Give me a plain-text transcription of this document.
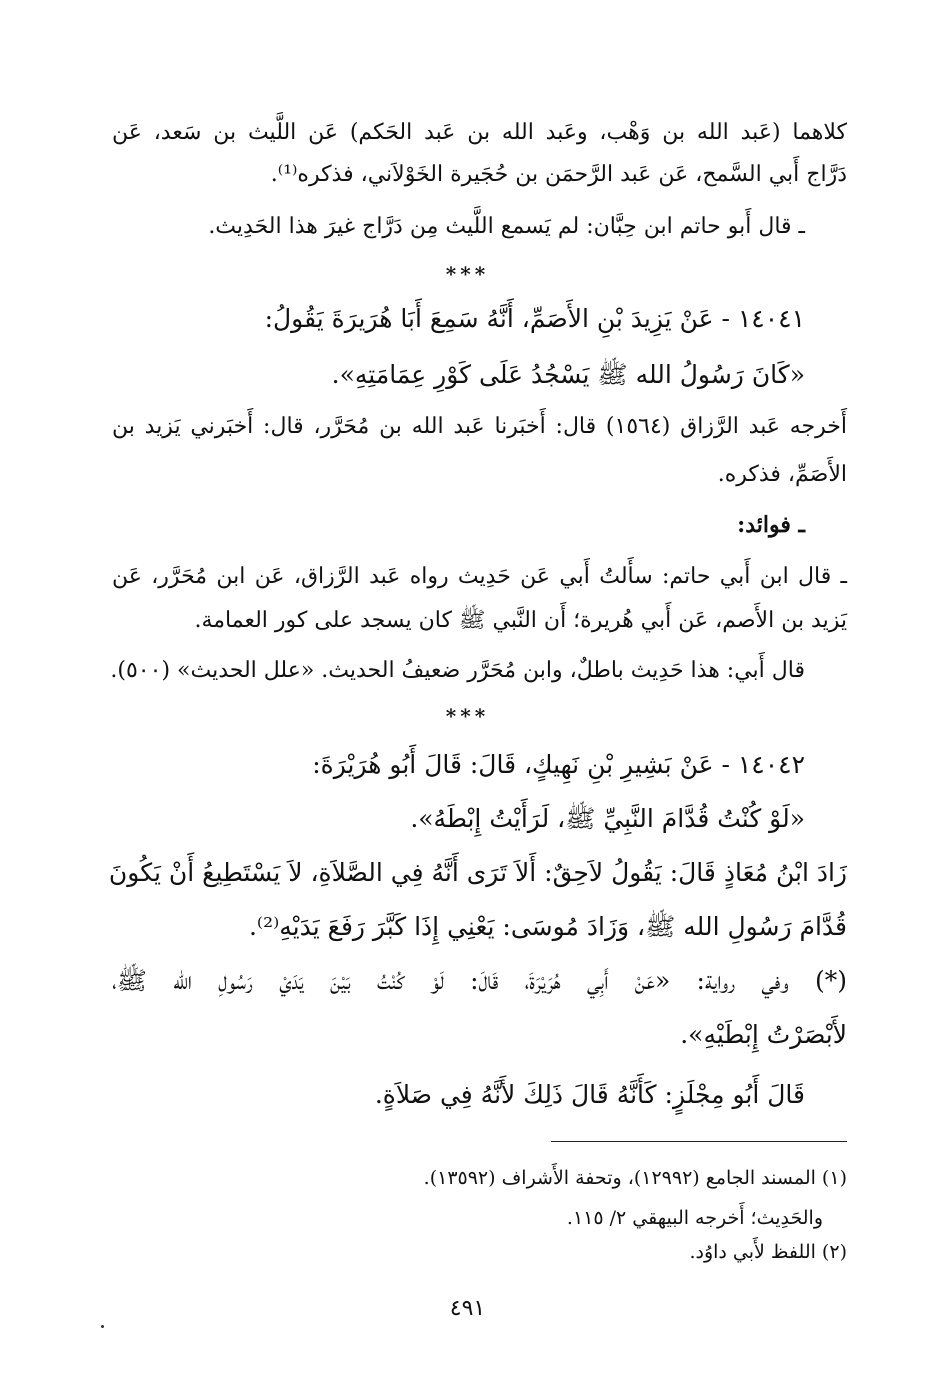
كلاهما (عَبد الله بن وَهْب، وعَبد الله بن عَبد الحَكم) عَن اللَّيث بن سَعد، عَن
دَرَّاج أَبي السَّمح، عَن عَبد الرَّحمَن بن حُجَيرة الخَوْلاَني، فذكره⁽¹⁾.
ـ قال أَبو حاتم ابن حِبَّان: لم يَسمع اللَّيث مِن دَرَّاج غيرَ هذا الحَدِيث.
***
١٤٠٤١ - عَنْ يَزِيدَ بْنِ الأَصَمِّ، أَنَّهُ سَمِعَ أَبَا هُرَيرَةَ يَقُولُ:
«كَانَ رَسُولُ الله ﷺ يَسْجُدُ عَلَى كَوْرِ عِمَامَتِهِ».
أَخرجه عَبد الرَّزاق (١٥٦٤) قال: أَخبَرنا عَبد الله بن مُحَرَّر، قال: أَخبَرني يَزيد بن
الأَصَمِّ، فذكره.
ـ فوائد:
ـ قال ابن أَبي حاتم: سأَلتُ أَبي عَن حَدِيث رواه عَبد الرَّزاق، عَن ابن مُحَرَّر، عَن
يَزيد بن الأَصم، عَن أَبي هُريرة؛ أَن النَّبي ﷺ كان يسجد على كور العمامة.
قال أَبي: هذا حَدِيث باطلٌ، وابن مُحَرَّر ضعيفُ الحديث. «علل الحديث» (٥٠٠).
***
١٤٠٤٢ - عَنْ بَشِيرِ بْنِ نَهِيكٍ، قَالَ: قَالَ أَبُو هُرَيْرَةَ:
«لَوْ كُنْتُ قُدَّامَ النَّبِيِّ ﷺ، لَرَأَيْتُ إِبْطَهُ».
زَادَ ابْنُ مُعَاذٍ قَالَ: يَقُولُ لاَحِقٌ: أَلاَ تَرَى أَنَّهُ فِي الصَّلاَةِ، لاَ يَسْتَطِيعُ أَنْ يَكُونَ
قُدَّامَ رَسُولِ الله ﷺ، وَزَادَ مُوسَى: يَعْنِي إِذَا كَبَّرَ رَفَعَ يَدَيْهِ⁽²⁾.
(*) وفي رواية: «عَنْ أَبِي هُرَيْرَةَ، قَالَ: لَوْ كُنْتُ بَيْنَ يَدَيْ رَسُولِ الله ﷺ،
لأَبْصَرْتُ إِبْطَيْهِ».
قَالَ أَبُو مِجْلَزٍ: كَأَنَّهُ قَالَ ذَلِكَ لأَنَّهُ فِي صَلاَةٍ.
(١) المسند الجامع (١٢٩٩٢)، وتحفة الأَشراف (١٣٥٩٢).
والحَدِيث؛ أَخرجه البيهقي ٢/ ١١٥.
(٢) اللفظ لأَبي داوُد.
٤٩١
